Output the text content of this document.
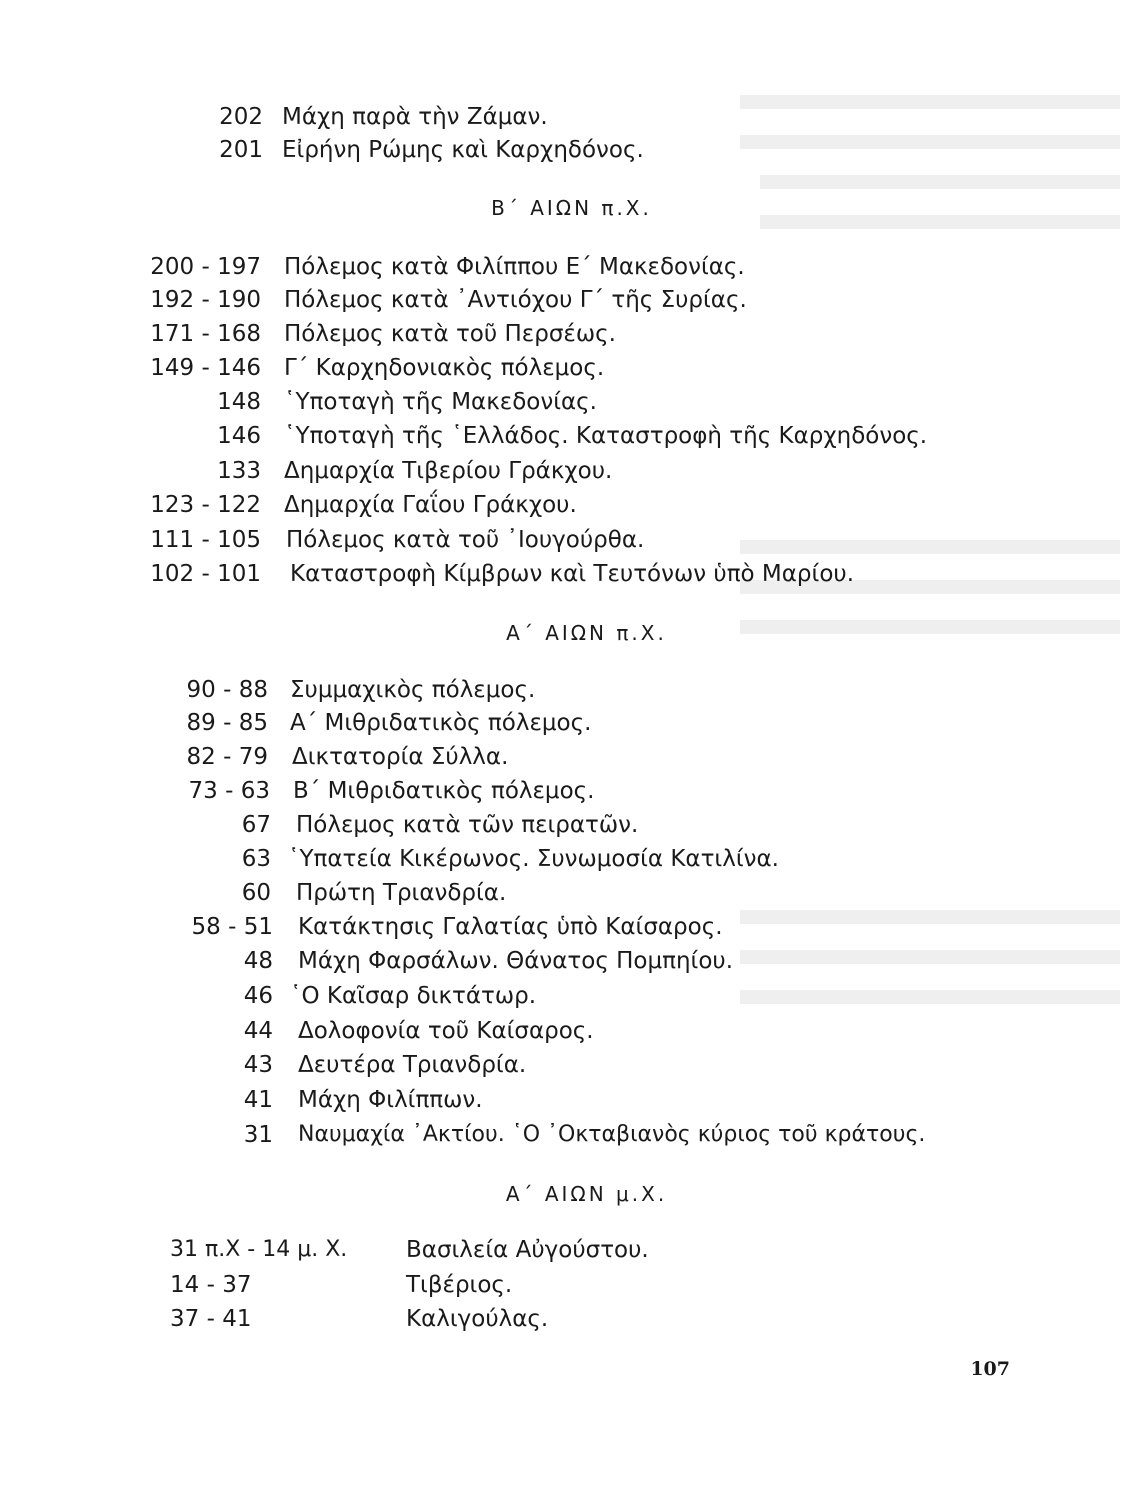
202 Μάχη παρὰ τὴν Ζάμαν.
201 Εἰρήνη Ρώμης καὶ Καρχηδόνος.
Β΄ ΑΙΩΝ π.Χ.
200 - 197 Πόλεμος κατὰ Φιλίππου Ε΄ Μακεδονίας.
192 - 190 Πόλεμος κατὰ ᾿Αντιόχου Γ΄ τῆς Συρίας.
171 - 168 Πόλεμος κατὰ τοῦ Περσέως.
149 - 146 Γ΄ Καρχηδονιακὸς πόλεμος.
148 ῾Υποταγὴ τῆς Μακεδονίας.
146 ῾Υποταγὴ τῆς ῾Ελλάδος. Καταστροφὴ τῆς Καρχηδόνος.
133 Δημαρχία Τιβερίου Γράκχου.
123 - 122 Δημαρχία Γαΐου Γράκχου.
111 - 105 Πόλεμος κατὰ τοῦ ᾿Ιουγούρθα.
102 - 101 Καταστροφὴ Κίμβρων καὶ Τευτόνων ὑπὸ Μαρίου.
Α΄ ΑΙΩΝ π.Χ.
90 - 88 Συμμαχικὸς πόλεμος.
89 - 85 Α΄ Μιθριδατικὸς πόλεμος.
82 - 79 Δικτατορία Σύλλα.
73 - 63 Β΄ Μιθριδατικὸς πόλεμος.
67 Πόλεμος κατὰ τῶν πειρατῶν.
63 ῾Υπατεία Κικέρωνος. Συνωμοσία Κατιλίνα.
60 Πρώτη Τριανδρία.
58 - 51 Κατάκτησις Γαλατίας ὑπὸ Καίσαρος.
48 Μάχη Φαρσάλων. Θάνατος Πομπηίου.
46 ῾Ο Καῖσαρ δικτάτωρ.
44 Δολοφονία τοῦ Καίσαρος.
43 Δευτέρα Τριανδρία.
41 Μάχη Φιλίππων.
31 Ναυμαχία ᾿Ακτίου. ῾Ο ᾿Οκταβιανὸς κύριος τοῦ κράτους.
Α΄ ΑΙΩΝ μ.Χ.
31 π.Χ - 14 μ. Χ.	Βασιλεία Αὐγούστου.
14 - 37	Τιβέριος.
37 - 41	Καλιγούλας.
107
